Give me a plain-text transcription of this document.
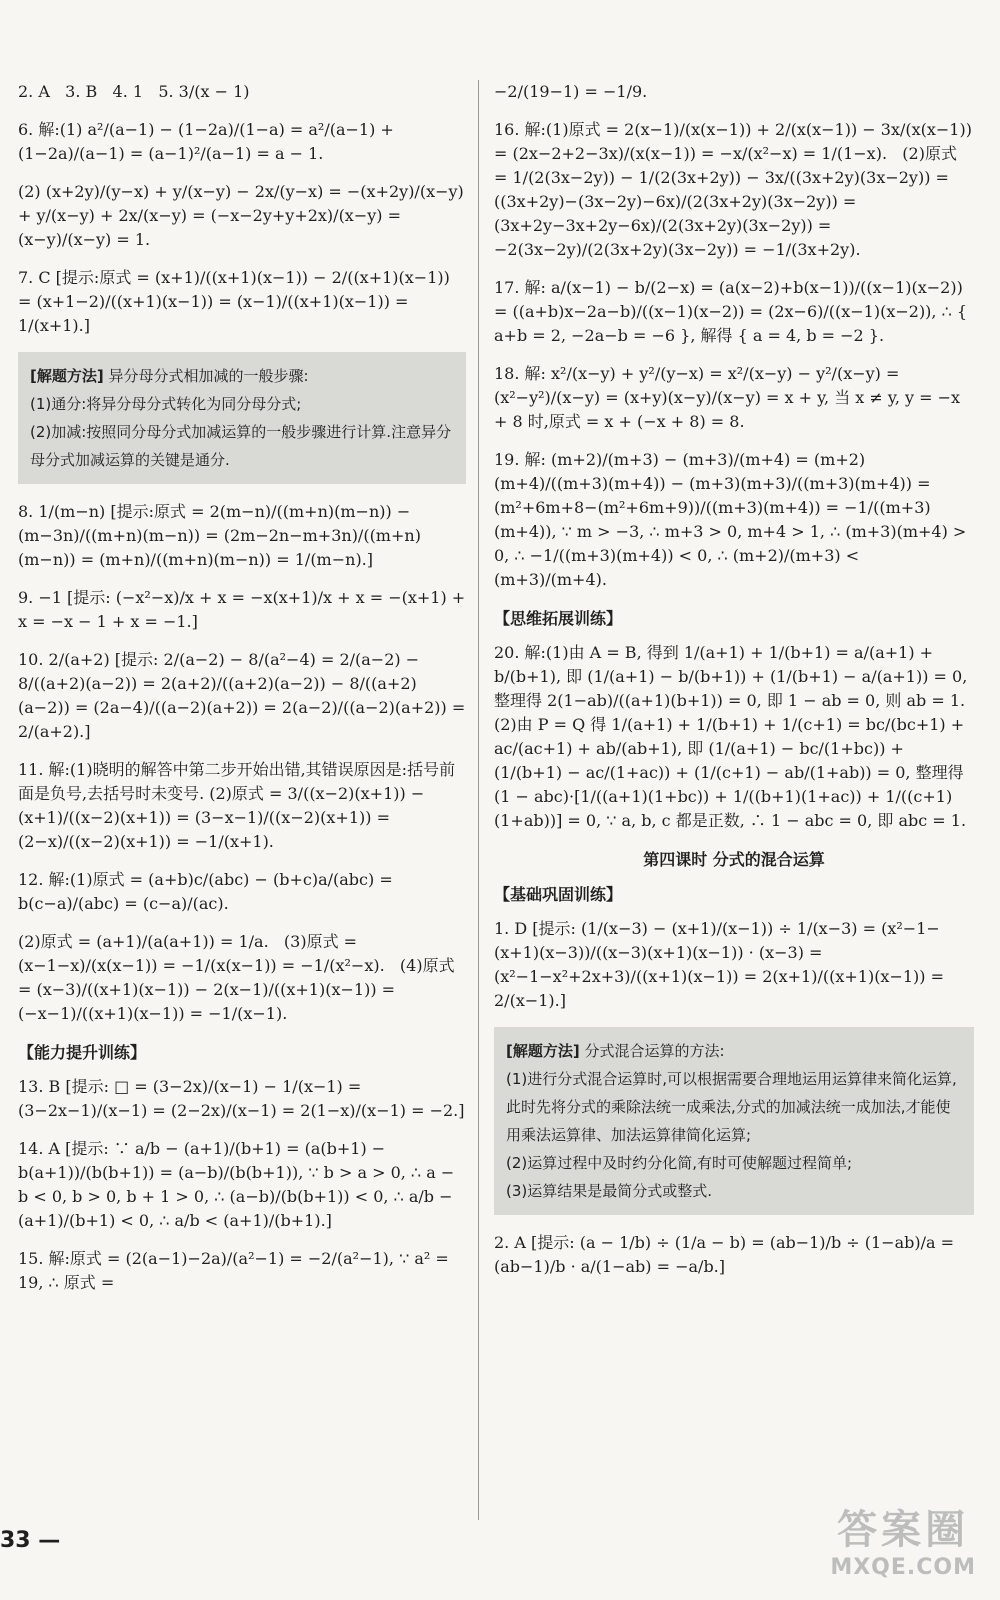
2. A   3. B   4. 1   5. 3/(x − 1)

6. 解:(1) a²/(a−1) − (1−2a)/(1−a) = a²/(a−1) + (1−2a)/(a−1) = (a−1)²/(a−1) = a − 1.

(2) (x+2y)/(y−x) + y/(x−y) − 2x/(y−x) = −(x+2y)/(x−y) + y/(x−y) + 2x/(x−y) = (−x−2y+y+2x)/(x−y) = (x−y)/(x−y) = 1.

7. C [提示:原式 = (x+1)/((x+1)(x−1)) − 2/((x+1)(x−1)) = (x+1−2)/((x+1)(x−1)) = (x−1)/((x+1)(x−1)) = 1/(x+1).]

[解题方法] 异分母分式相加减的一般步骤:

(1)通分:将异分母分式转化为同分母分式;

(2)加减:按照同分母分式加减运算的一般步骤进行计算.注意异分母分式加减运算的关键是通分.

8. 1/(m−n) [提示:原式 = 2(m−n)/((m+n)(m−n)) − (m−3n)/((m+n)(m−n)) = (2m−2n−m+3n)/((m+n)(m−n)) = (m+n)/((m+n)(m−n)) = 1/(m−n).]

9. −1 [提示: (−x²−x)/x + x = −x(x+1)/x + x = −(x+1) + x = −x − 1 + x = −1.]

10. 2/(a+2) [提示: 2/(a−2) − 8/(a²−4) = 2/(a−2) − 8/((a+2)(a−2)) = 2(a+2)/((a+2)(a−2)) − 8/((a+2)(a−2)) = (2a−4)/((a−2)(a+2)) = 2(a−2)/((a−2)(a+2)) = 2/(a+2).]

11. 解:(1)晓明的解答中第二步开始出错,其错误原因是:括号前面是负号,去括号时未变号. (2)原式 = 3/((x−2)(x+1)) − (x+1)/((x−2)(x+1)) = (3−x−1)/((x−2)(x+1)) = (2−x)/((x−2)(x+1)) = −1/(x+1).

12. 解:(1)原式 = (a+b)c/(abc) − (b+c)a/(abc) = b(c−a)/(abc) = (c−a)/(ac).

(2)原式 = (a+1)/(a(a+1)) = 1/a.   (3)原式 = (x−1−x)/(x(x−1)) = −1/(x(x−1)) = −1/(x²−x).   (4)原式 = (x−3)/((x+1)(x−1)) − 2(x−1)/((x+1)(x−1)) = (−x−1)/((x+1)(x−1)) = −1/(x−1).

【能力提升训练】

13. B [提示: □ = (3−2x)/(x−1) − 1/(x−1) = (3−2x−1)/(x−1) = (2−2x)/(x−1) = 2(1−x)/(x−1) = −2.]

14. A [提示: ∵ a/b − (a+1)/(b+1) = (a(b+1) − b(a+1))/(b(b+1)) = (a−b)/(b(b+1)), ∵ b > a > 0, ∴ a − b < 0, b > 0, b + 1 > 0, ∴ (a−b)/(b(b+1)) < 0, ∴ a/b − (a+1)/(b+1) < 0, ∴ a/b < (a+1)/(b+1).]

15. 解:原式 = (2(a−1)−2a)/(a²−1) = −2/(a²−1), ∵ a² = 19, ∴ 原式 =

−2/(19−1) = −1/9.

16. 解:(1)原式 = 2(x−1)/(x(x−1)) + 2/(x(x−1)) − 3x/(x(x−1)) = (2x−2+2−3x)/(x(x−1)) = −x/(x²−x) = 1/(1−x).   (2)原式 = 1/(2(3x−2y)) − 1/(2(3x+2y)) − 3x/((3x+2y)(3x−2y)) = ((3x+2y)−(3x−2y)−6x)/(2(3x+2y)(3x−2y)) = (3x+2y−3x+2y−6x)/(2(3x+2y)(3x−2y)) = −2(3x−2y)/(2(3x+2y)(3x−2y)) = −1/(3x+2y).

17. 解: a/(x−1) − b/(2−x) = (a(x−2)+b(x−1))/((x−1)(x−2)) = ((a+b)x−2a−b)/((x−1)(x−2)) = (2x−6)/((x−1)(x−2)), ∴ { a+b = 2, −2a−b = −6 }, 解得 { a = 4, b = −2 }.

18. 解: x²/(x−y) + y²/(y−x) = x²/(x−y) − y²/(x−y) = (x²−y²)/(x−y) = (x+y)(x−y)/(x−y) = x + y, 当 x ≠ y, y = −x + 8 时,原式 = x + (−x + 8) = 8.

19. 解: (m+2)/(m+3) − (m+3)/(m+4) = (m+2)(m+4)/((m+3)(m+4)) − (m+3)(m+3)/((m+3)(m+4)) = (m²+6m+8−(m²+6m+9))/((m+3)(m+4)) = −1/((m+3)(m+4)), ∵ m > −3, ∴ m+3 > 0, m+4 > 1, ∴ (m+3)(m+4) > 0, ∴ −1/((m+3)(m+4)) < 0, ∴ (m+2)/(m+3) < (m+3)/(m+4).

【思维拓展训练】

20. 解:(1)由 A = B, 得到 1/(a+1) + 1/(b+1) = a/(a+1) + b/(b+1), 即 (1/(a+1) − b/(b+1)) + (1/(b+1) − a/(a+1)) = 0, 整理得 2(1−ab)/((a+1)(b+1)) = 0, 即 1 − ab = 0, 则 ab = 1.   (2)由 P = Q 得 1/(a+1) + 1/(b+1) + 1/(c+1) = bc/(bc+1) + ac/(ac+1) + ab/(ab+1), 即 (1/(a+1) − bc/(1+bc)) + (1/(b+1) − ac/(1+ac)) + (1/(c+1) − ab/(1+ab)) = 0, 整理得 (1 − abc)·[1/((a+1)(1+bc)) + 1/((b+1)(1+ac)) + 1/((c+1)(1+ab))] = 0, ∵ a, b, c 都是正数, ∴ 1 − abc = 0, 即 abc = 1.

第四课时 分式的混合运算
【基础巩固训练】

1. D [提示: (1/(x−3) − (x+1)/(x−1)) ÷ 1/(x−3) = (x²−1−(x+1)(x−3))/((x−3)(x+1)(x−1)) · (x−3) = (x²−1−x²+2x+3)/((x+1)(x−1)) = 2(x+1)/((x+1)(x−1)) = 2/(x−1).]

[解题方法] 分式混合运算的方法:

(1)进行分式混合运算时,可以根据需要合理地运用运算律来简化运算,此时先将分式的乘除法统一成乘法,分式的加减法统一成加法,才能使用乘法运算律、加法运算律简化运算;

(2)运算过程中及时约分化简,有时可使解题过程简单;

(3)运算结果是最简分式或整式.

2. A [提示: (a − 1/b) ÷ (1/a − b) = (ab−1)/b ÷ (1−ab)/a = (ab−1)/b · a/(1−ab) = −a/b.]

33 —	答案圈
MXQE.COM
